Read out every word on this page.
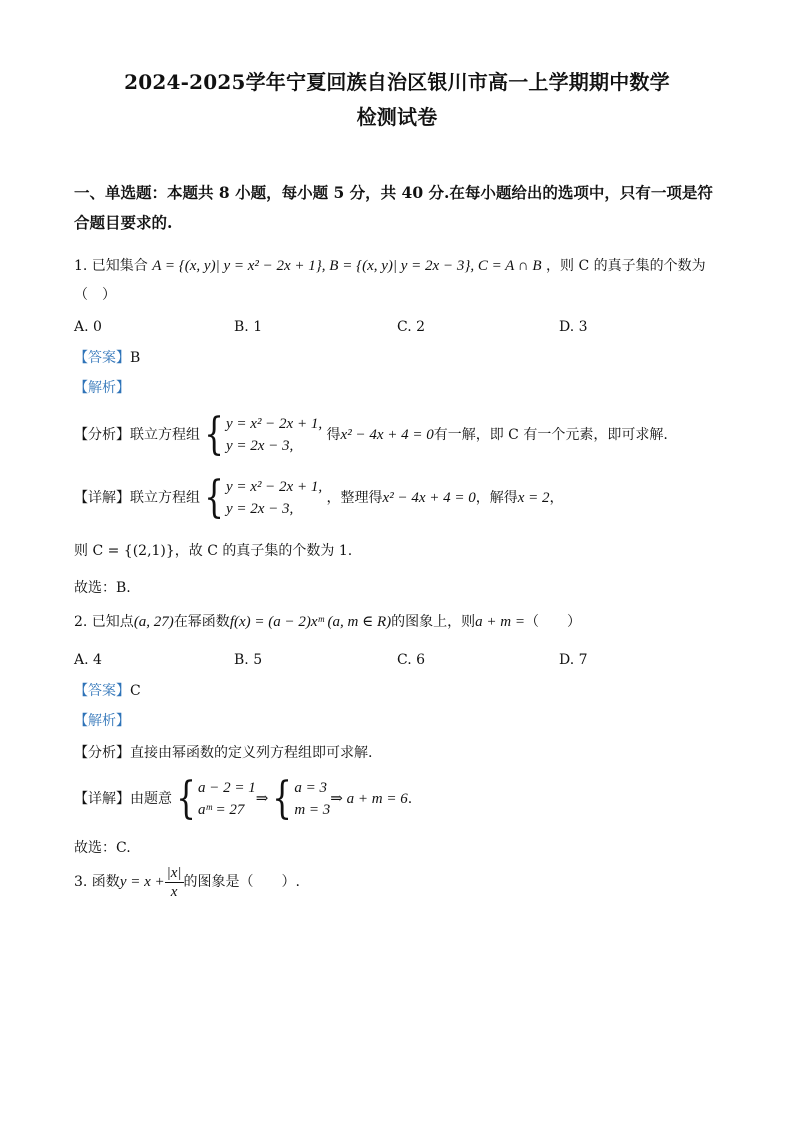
2024-2025学年宁夏回族自治区银川市高一上学期期中数学
检测试卷
一、单选题：本题共 8 小题，每小题 5 分，共 40 分.在每小题给出的选项中，只有一项是符
合题目要求的.
1. 已知集合 A = {(x, y)| y = x² − 2x + 1}, B = {(x, y)| y = 2x − 3}, C = A ∩ B ，则 C 的真子集的个数为
（　）
A. 0	B. 1	C. 2	D. 3
【答案】B
【解析】
【分析】联立方程组{ y = x² − 2x + 1,
y = 2x − 3,
得x² − 4x + 4 = 0有一解，即 C 有一个元素，即可求解.
【详解】联立方程组{ y = x² − 2x + 1,
y = 2x − 3,
，整理得x² − 4x + 4 = 0，解得x = 2，
则 C = {(2,1)}，故 C 的真子集的个数为 1.
故选：B.
2. 已知点(a, 27)在幂函数f(x) = (a − 2)xᵐ (a, m ∈ R)的图象上，则a + m =（　　）
A. 4	B. 5	C. 6	D. 7
【答案】C
【解析】
【分析】直接由幂函数的定义列方程组即可求解.
【详解】由题意{ a − 2 = 1
aᵐ = 27
⇒{ a = 3
m = 3
⇒ a + m = 6.
故选：C.
3. 函数$y = x + \frac{|x|}{x}$ 的图象是（　　）.
